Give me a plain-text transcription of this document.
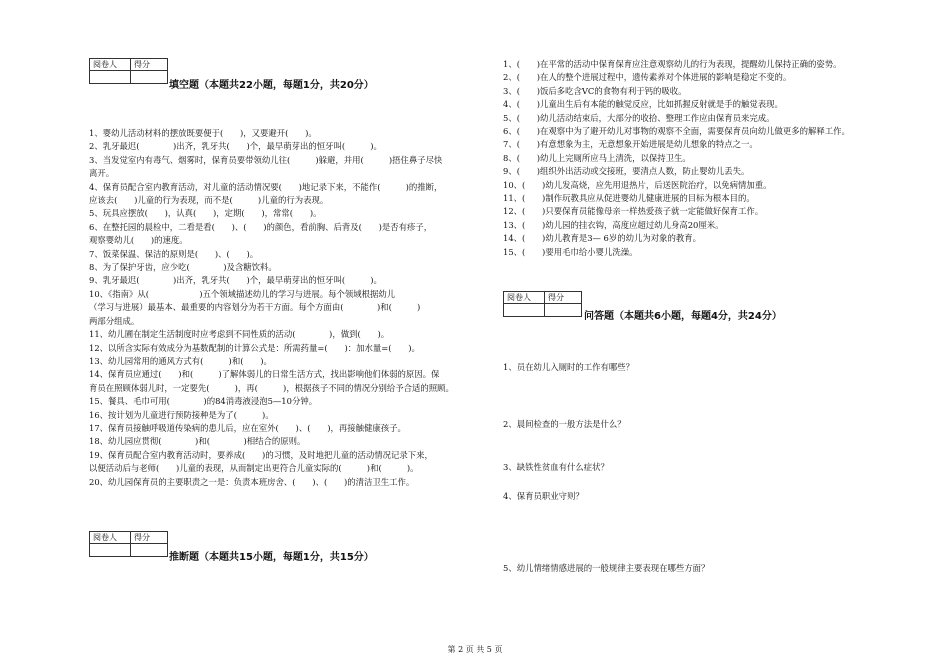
阅卷人	得分

填空题（本题共22小题，每题1分，共20分）
1、婴幼儿活动材料的摆放既要便于(　　)，又要避开(　　)。
2、乳牙最迟(　　　　)出齐，乳牙共(　　)个，最早萌芽出的恒牙叫(　　　)。
3、当发觉室内有毒气、烟雾时，保育员要带领幼儿往(　　　)躲避，并用(　　　)捂住鼻子尽快
离开。
4、保育员配合室内教育活动，对儿童的活动情况要(　　)地记录下来，不能作(　　　)的推断，
应该去(　　)儿童的行为表现，而不是(　　　)儿童的行为表现。
5、玩具应摆放(　　)，认真(　　)，定期(　　)，常常(　　)。
6、在整托园的晨检中，二看是看(　　)、(　　)的颜色，看前胸、后背及(　　)是否有疹子，
观察婴幼儿(　　)的速度。
7、饭菜保温、保洁的原则是(　　)、(　　)。
8、为了保护牙齿，应少吃(　　　　)及含糖饮料。
9、乳牙最迟(　　　　)出齐，乳牙共(　　)个，最早萌芽出的恒牙叫(　　　)。
10、《指南》从(　　　　　　)五个领域描述幼儿的学习与进展。每个领域根据幼儿
（学习与进展）最基本、最重要的内容划分为若干方面。每个方面由(　　　　)和(　　　)
两部分组成。
11、幼儿圃在制定生活制度时应考虑到不同性质的活动(　　　　)，做到(　　)。
12、以所含实际有效成分为基数配制的计算公式是：所需药量=(　　)：加水量=(　　)。
13、幼儿园常用的通风方式有(　　　)和(　　)。
14、保育员应通过(　　)和(　　　)了解体弱儿的日常生活方式，找出影响他们体弱的原因。保
育员在照顾体弱儿时，一定要先(　　　)，再(　　　)，根据孩子不同的情况分别给予合适的照顾。
15、餐具、毛巾可用(　　　　)的84消毒液浸泡5—10分钟。
16、按计划为儿童进行预防接种是为了(　　　)。
17、保育员接触呼吸道传染病的患儿后，应在室外(　　)、(　　)，再接触健康孩子。
18、幼儿园应贯彻(　　　　)和(　　　　)相结合的原则。
19、保育员配合室内教育活动时，要养成(　　)的习惯，及时地把儿童的活动情况记录下来，
以便活动后与老师(　　)儿童的表现，从而制定出更符合儿童实际的(　　　)和(　　　)。
20、幼儿园保育员的主要职责之一是：负责本班房舍、(　　)、(　　)的清洁卫生工作。
阅卷人	得分

推断题（本题共15小题，每题1分，共15分）
1、(　　)在平常的活动中保育保育应注意观察幼儿的行为表现，提醒幼儿保持正确的姿势。
2、(　　)在人的整个进展过程中，遗传素养对个体进展的影响是稳定不变的。
3、(　　)饭后多吃含VC的食物有利于钙的吸收。
4、(　　)儿童出生后有本能的触觉反应，比如抓握反射就是手的触觉表现。
5、(　　)幼儿活动结束后，大部分的收拾、整理工作应由保育员来完成。
6、(　　)在观察中为了避开幼儿对事物的观察不全面，需要保育员向幼儿做更多的解释工作。
7、(　　)有意想象为主，无意想象开始进展是幼儿想象的特点之一。
8、(　　)幼儿上完厕所应马上清洗，以保持卫生。
9、(　　)组织外出活动或交接班，要清点人数，防止婴幼儿丢失。
10、(　　)幼儿发高烧，应先用退热片，后送医院治疗，以免病情加重。
11、(　　)制作玩教具应从促进婴幼儿健康进展的目标为根本目的。
12、(　　)只要保育员能像母亲一样热爱孩子就一定能做好保育工作。
13、(　　)幼儿园的挂衣钩，高度应超过幼儿身高20厘米。
14、(　　)幼儿教育是3— 6岁的幼儿为对象的教育。
15、(　　)要用毛巾给小婴儿洗澡。
阅卷人	得分

问答题（本题共6小题，每题4分，共24分）
1、员在幼儿入厕时的工作有哪些？
2、晨间检查的一般方法是什么？
3、缺铁性贫血有什么症状？
4、保育员职业守则？
5、幼儿情绪情感进展的一般规律主要表现在哪些方面？
第 2 页 共 5 页
